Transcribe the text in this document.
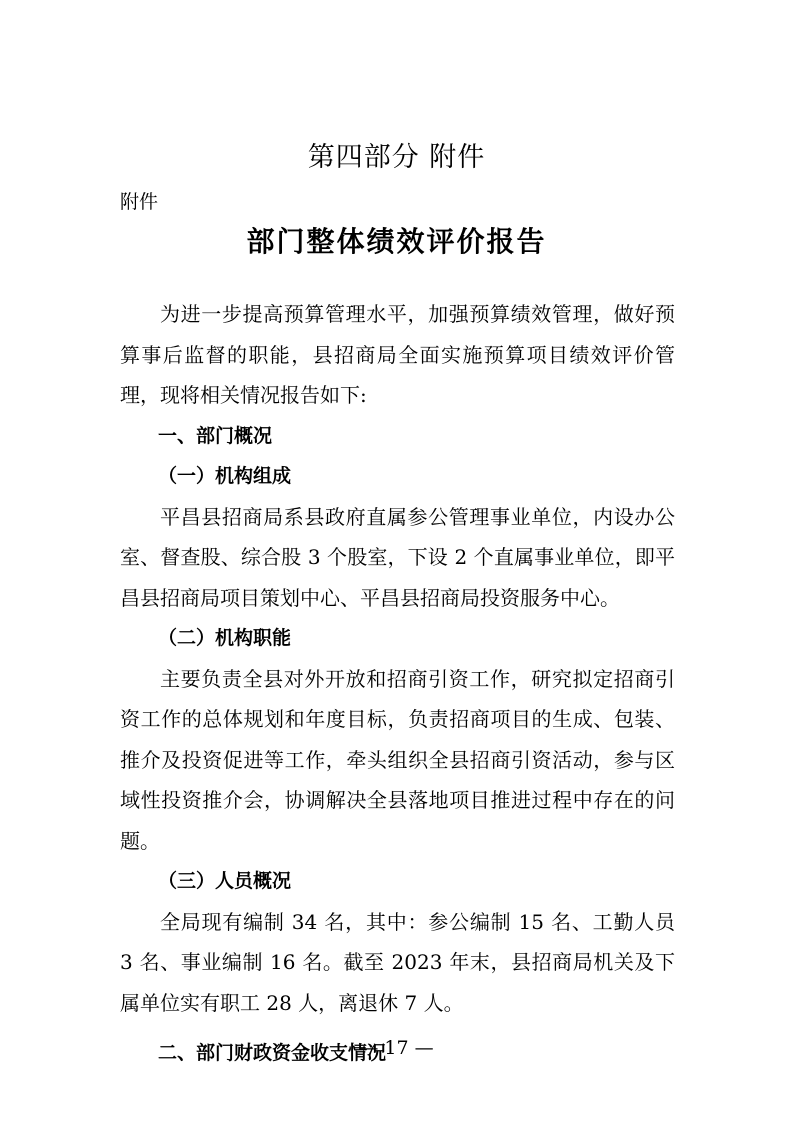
第四部分 附件
附件
部门整体绩效评价报告

为进一步提高预算管理水平，加强预算绩效管理，做好预算事后监督的职能，县招商局全面实施预算项目绩效评价管理，现将相关情况报告如下:

一、部门概况

（一）机构组成

平昌县招商局系县政府直属参公管理事业单位，内设办公室、督查股、综合股 3 个股室，下设 2 个直属事业单位，即平昌县招商局项目策划中心、平昌县招商局投资服务中心。

（二）机构职能

主要负责全县对外开放和招商引资工作，研究拟定招商引资工作的总体规划和年度目标，负责招商项目的生成、包装、推介及投资促进等工作，牵头组织全县招商引资活动，参与区域性投资推介会，协调解决全县落地项目推进过程中存在的问题。

（三）人员概况

全局现有编制 34 名，其中：参公编制 15 名、工勤人员 3 名、事业编制 16 名。截至 2023 年末，县招商局机关及下属单位实有职工 28 人，离退休 7 人。

二、部门财政资金收支情况

— 17 —
